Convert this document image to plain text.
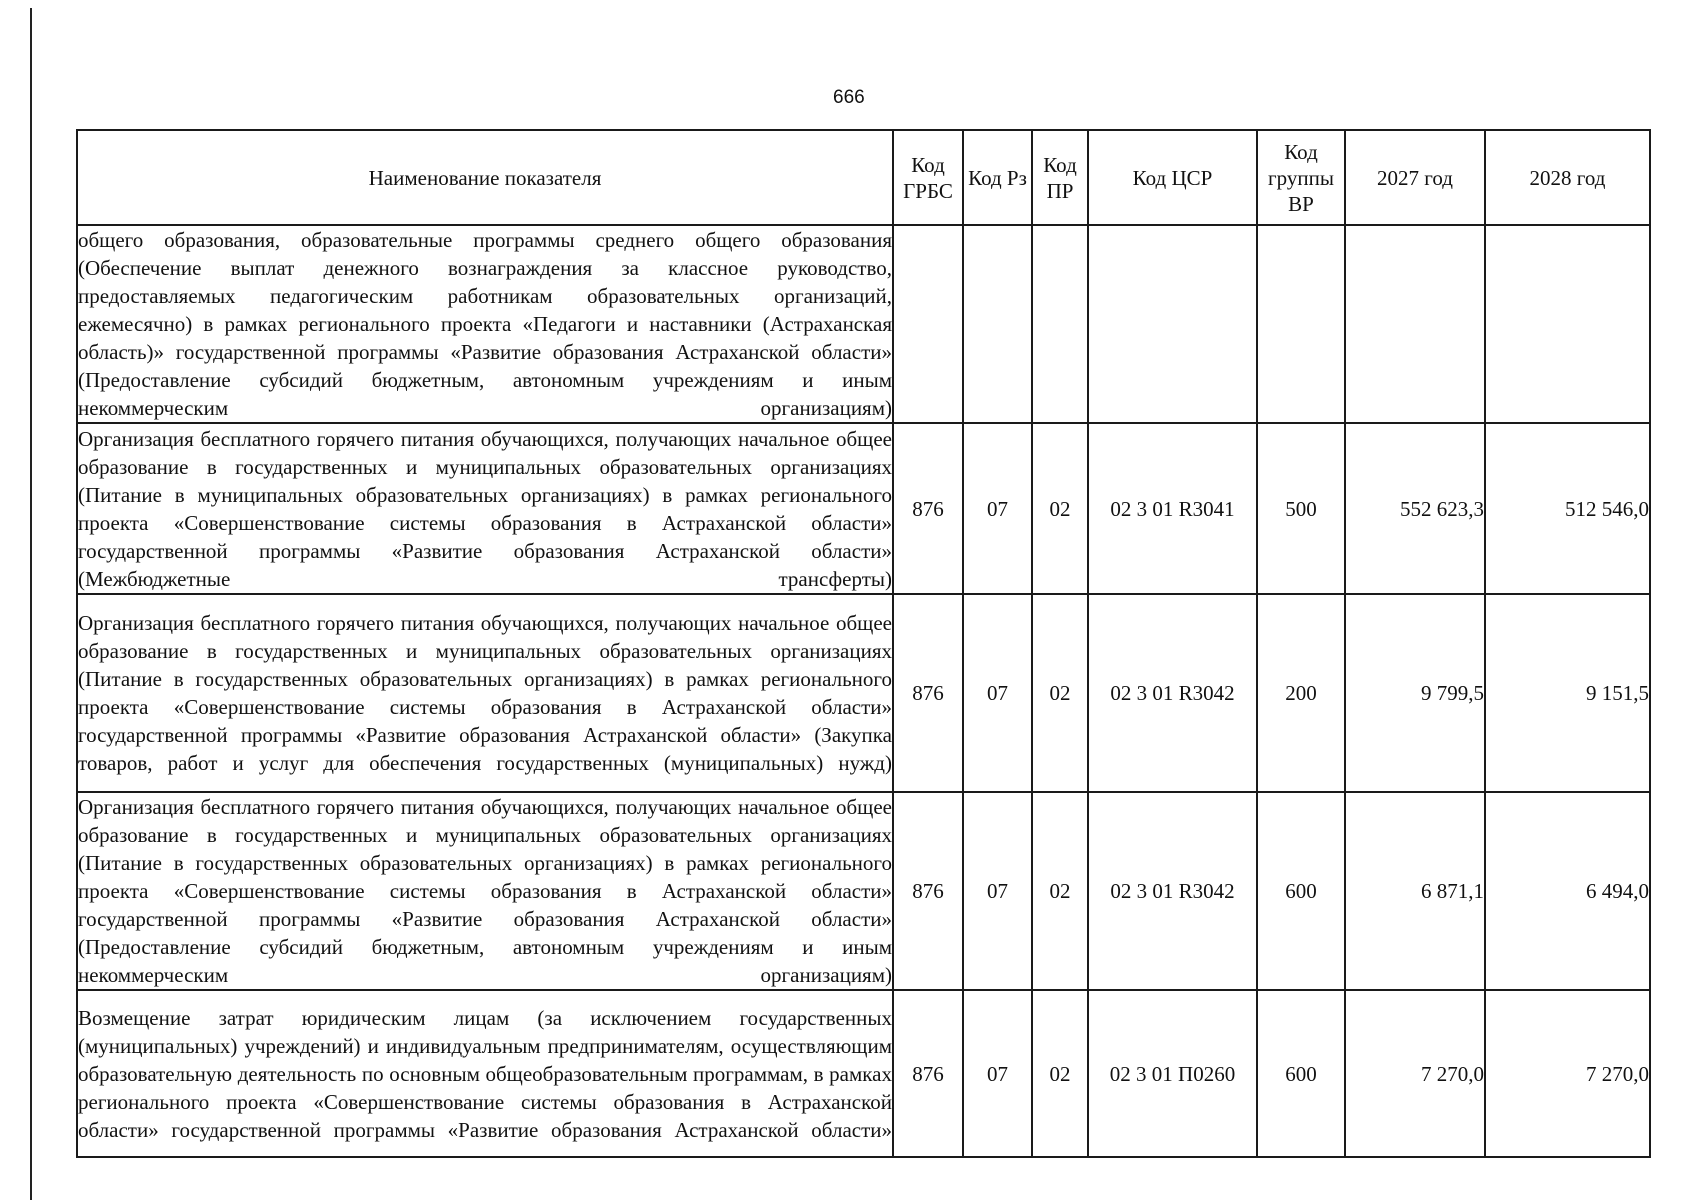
666
Наименование показателя	Код ГРБС	Код Рз	Код ПР	Код ЦСР	Код группы ВР	2027 год	2028 год
общего образования, образовательные программы среднего общего образования (Обеспечение выплат денежного вознаграждения за классное руководство, предоставляемых педагогическим работникам образовательных организаций, ежемесячно) в рамках регионального проекта «Педагоги и наставники (Астраханская область)» государственной программы «Развитие образования Астраханской области» (Предоставление субсидий бюджетным, автономным учреждениям и иным некоммерческим организациям)							
Организация бесплатного горячего питания обучающихся, получающих начальное общее образование в государственных и муниципальных образовательных организациях (Питание в муниципальных образовательных организациях) в рамках регионального проекта «Совершенствование системы образования в Астраханской области» государственной программы «Развитие образования Астраханской области» (Межбюджетные трансферты)	876	07	02	02 3 01 R3041	500	552 623,3	512 546,0
Организация бесплатного горячего питания обучающихся, получающих начальное общее образование в государственных и муниципальных образовательных организациях (Питание в государственных образовательных организациях) в рамках регионального проекта «Совершенствование системы образования в Астраханской области» государственной программы «Развитие образования Астраханской области» (Закупка товаров, работ и услуг для обеспечения государственных (муниципальных) нужд)	876	07	02	02 3 01 R3042	200	9 799,5	9 151,5
Организация бесплатного горячего питания обучающихся, получающих начальное общее образование в государственных и муниципальных образовательных организациях (Питание в государственных образовательных организациях) в рамках регионального проекта «Совершенствование системы образования в Астраханской области» государственной программы «Развитие образования Астраханской области» (Предоставление субсидий бюджетным, автономным учреждениям и иным некоммерческим организациям)	876	07	02	02 3 01 R3042	600	6 871,1	6 494,0
Возмещение затрат юридическим лицам (за исключением государственных (муниципальных) учреждений) и индивидуальным предпринимателям, осуществляющим образовательную деятельность по основным общеобразовательным программам, в рамках регионального проекта «Совершенствование системы образования в Астраханской области» государственной программы «Развитие образования Астраханской области»	876	07	02	02 3 01 П0260	600	7 270,0	7 270,0
